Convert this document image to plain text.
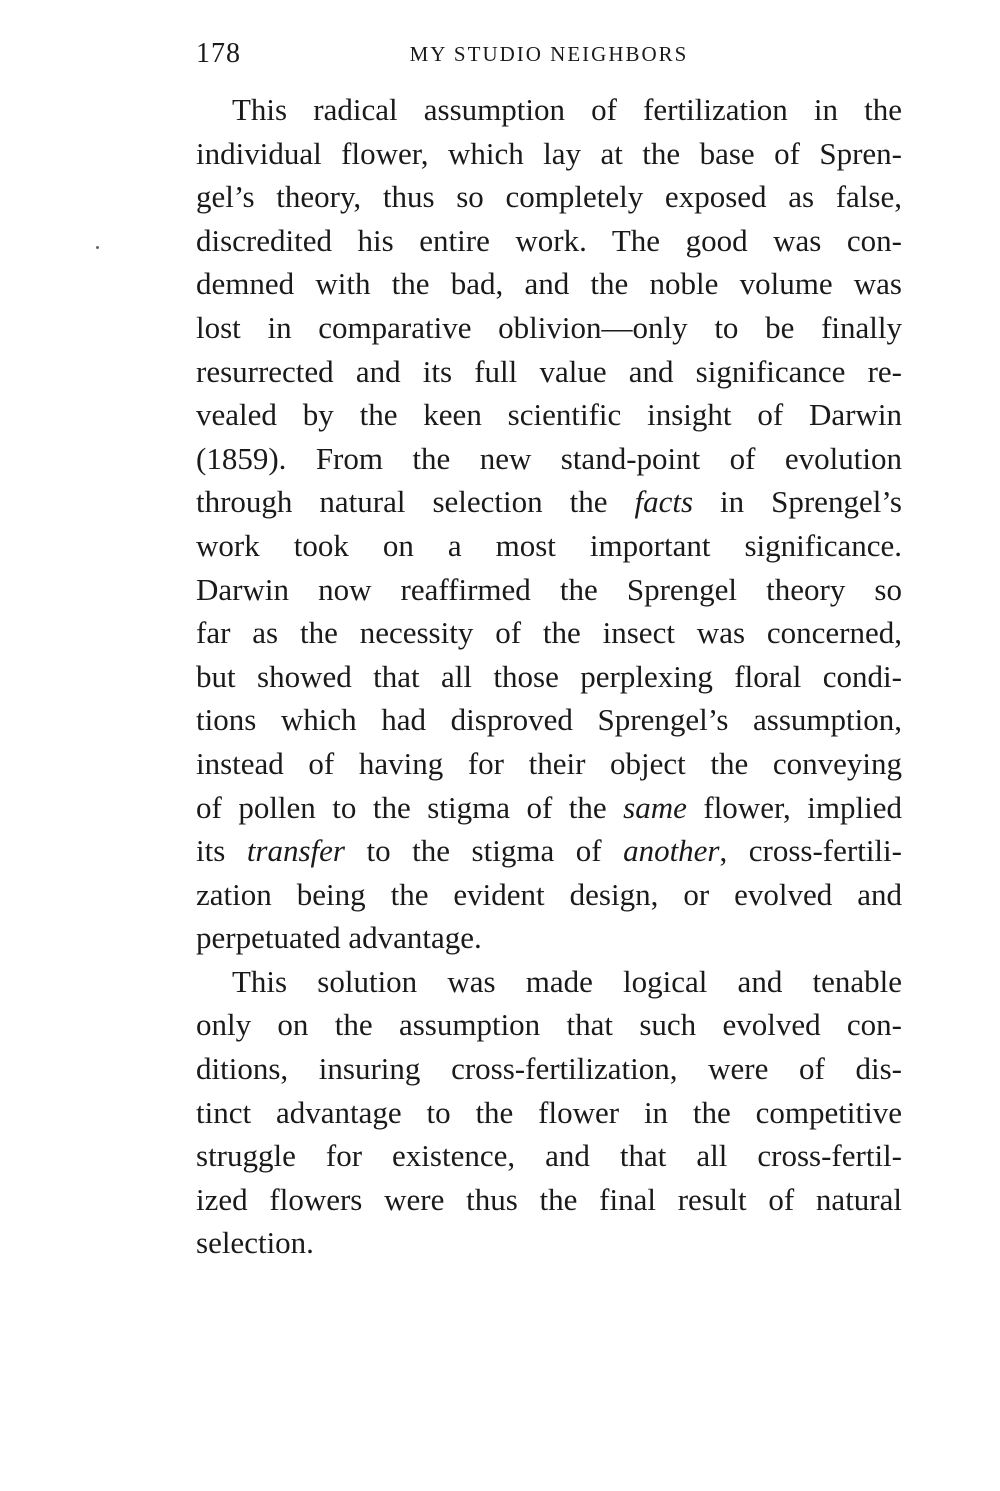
178	MY STUDIO NEIGHBORS
This radical assumption of fertilization in the
individual flower, which lay at the base of Spren-
gel’s theory, thus so completely exposed as false,
discredited his entire work. The good was con-
demned with the bad, and the noble volume was
lost in comparative oblivion—only to be finally
resurrected and its full value and significance re-
vealed by the keen scientific insight of Darwin
(1859). From the new stand-point of evolution
through natural selection the facts in Sprengel’s
work took on a most important significance.
Darwin now reaffirmed the Sprengel theory so
far as the necessity of the insect was concerned,
but showed that all those perplexing floral condi-
tions which had disproved Sprengel’s assumption,
instead of having for their object the conveying
of pollen to the stigma of the same flower, implied
its transfer to the stigma of another, cross-fertili-
zation being the evident design, or evolved and
perpetuated advantage.
This solution was made logical and tenable
only on the assumption that such evolved con-
ditions, insuring cross-fertilization, were of dis-
tinct advantage to the flower in the competitive
struggle for existence, and that all cross-fertil-
ized flowers were thus the final result of natural
selection.
